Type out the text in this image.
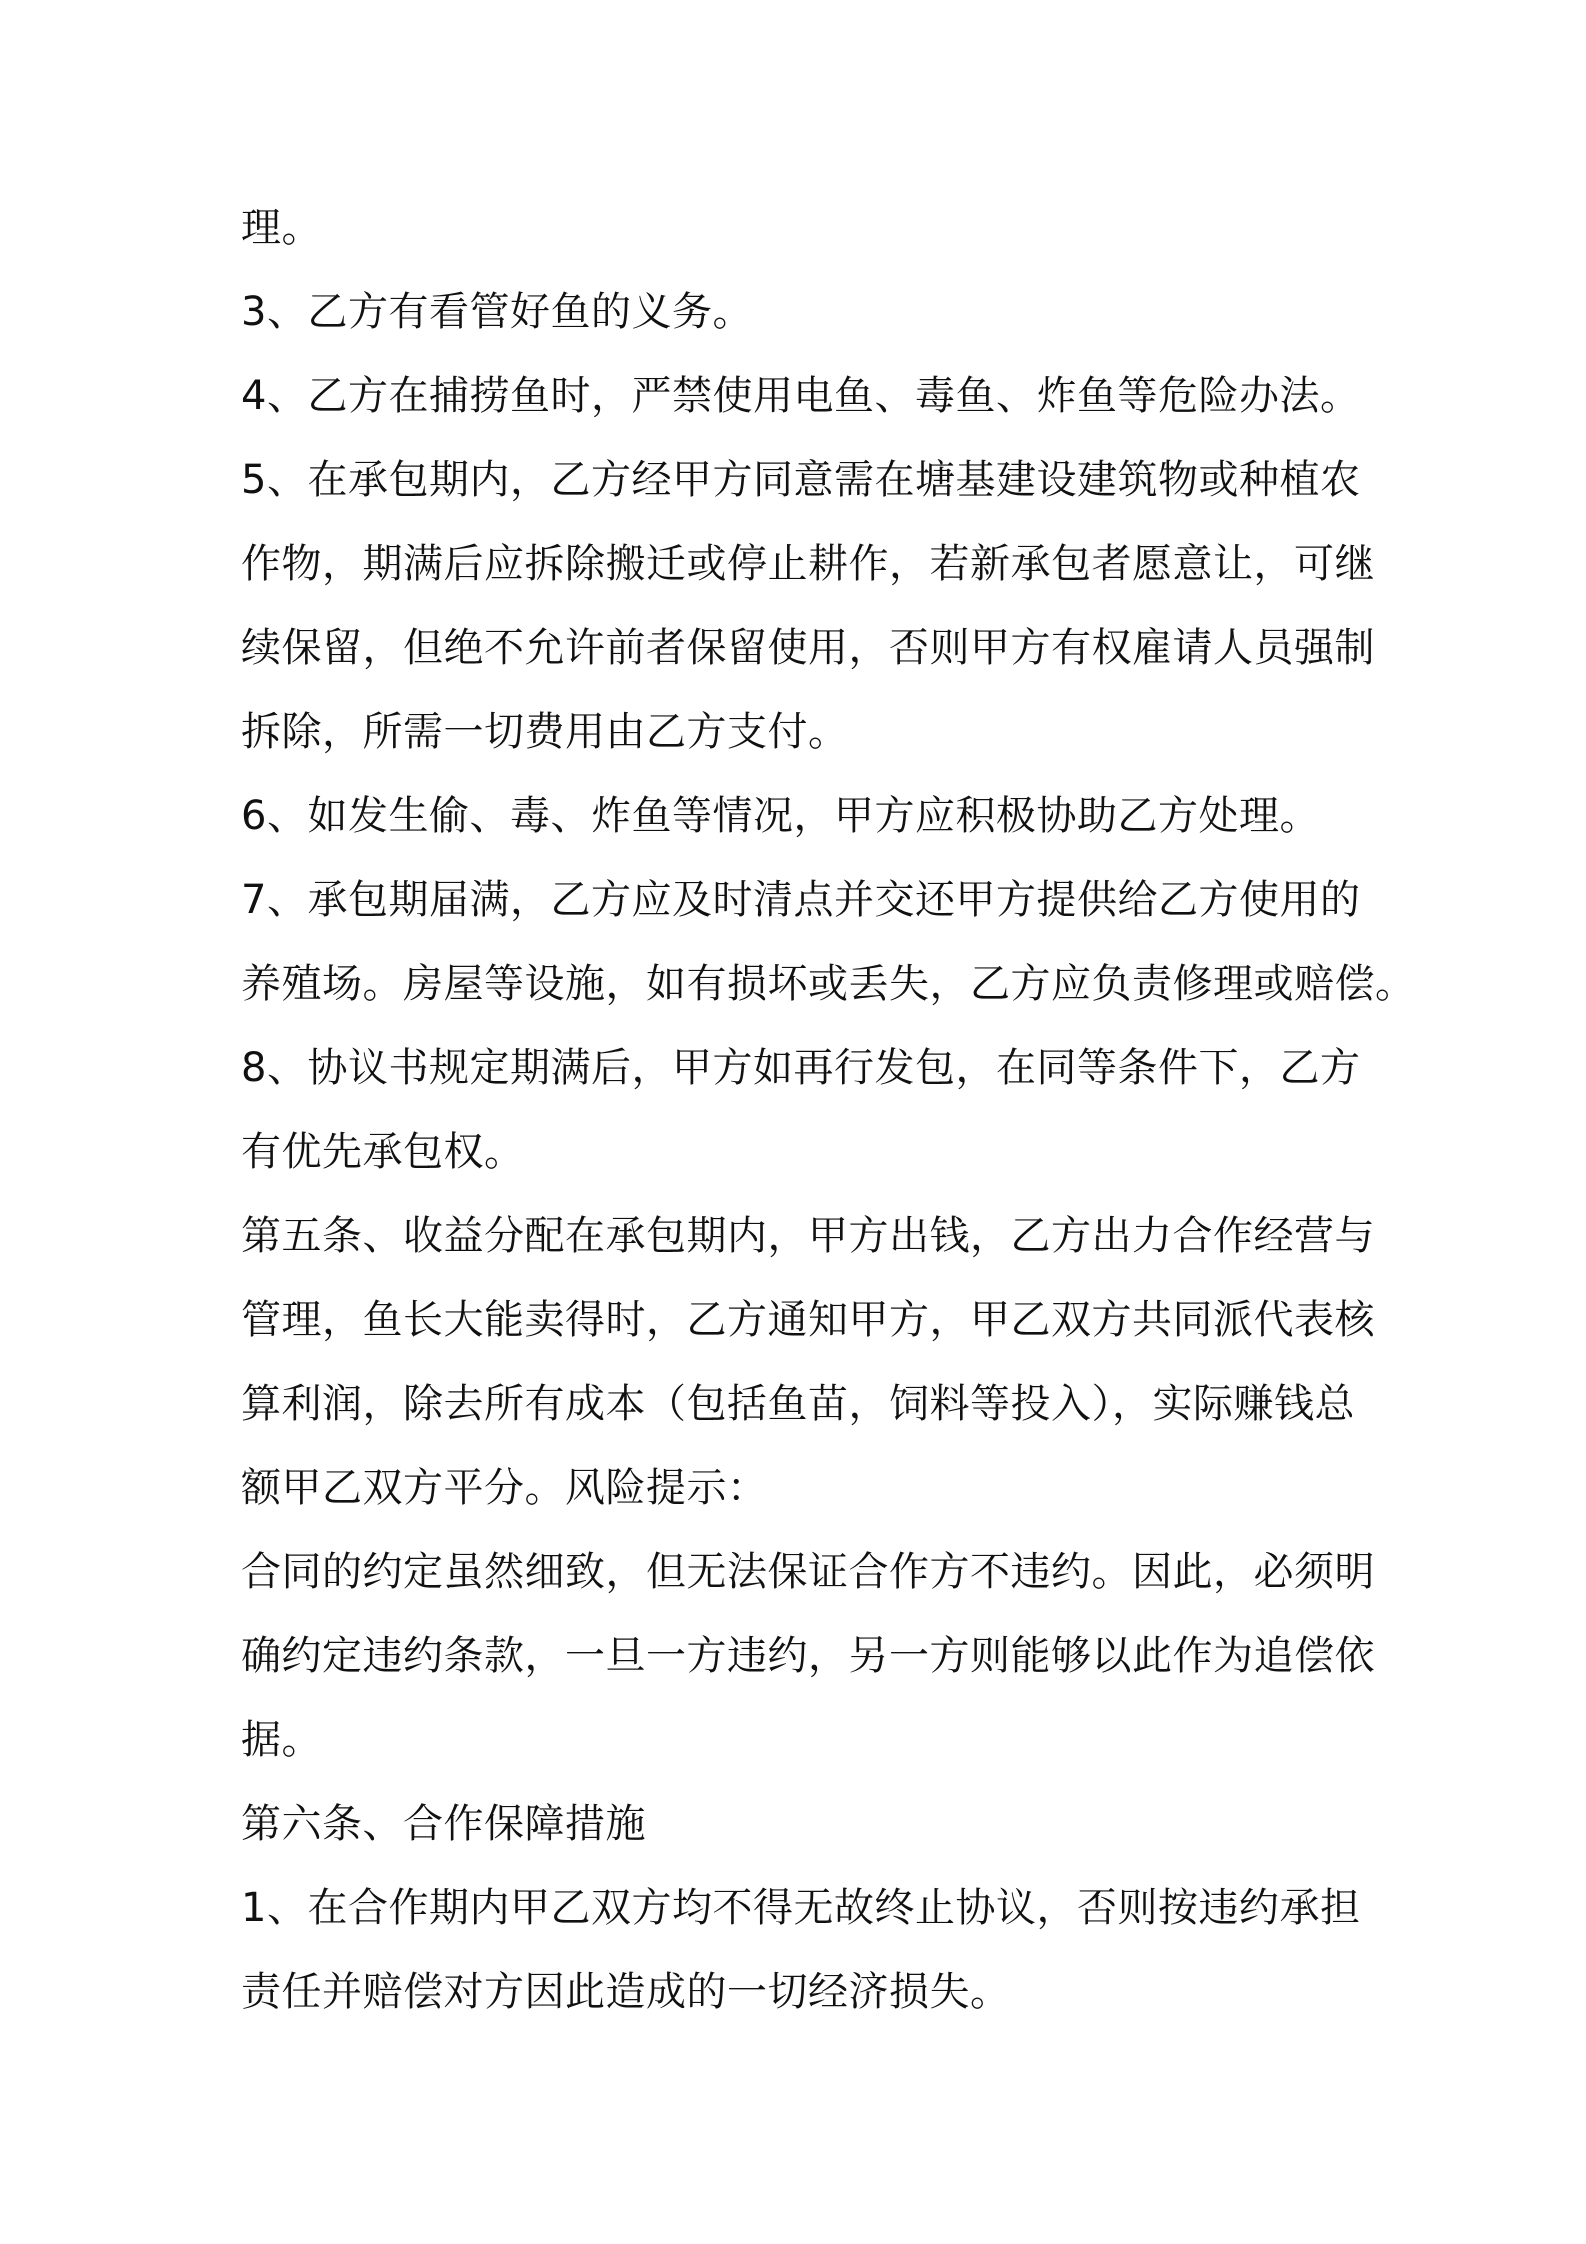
理。
3、乙方有看管好鱼的义务。
4、乙方在捕捞鱼时，严禁使用电鱼、毒鱼、炸鱼等危险办法。
5、在承包期内，乙方经甲方同意需在塘基建设建筑物或种植农
作物，期满后应拆除搬迁或停止耕作，若新承包者愿意让，可继
续保留，但绝不允许前者保留使用，否则甲方有权雇请人员强制
拆除，所需一切费用由乙方支付。
6、如发生偷、毒、炸鱼等情况，甲方应积极协助乙方处理。
7、承包期届满，乙方应及时清点并交还甲方提供给乙方使用的
养殖场。房屋等设施，如有损坏或丢失，乙方应负责修理或赔偿。
8、协议书规定期满后，甲方如再行发包，在同等条件下，乙方
有优先承包权。
第五条、收益分配在承包期内，甲方出钱，乙方出力合作经营与
管理，鱼长大能卖得时，乙方通知甲方，甲乙双方共同派代表核
算利润，除去所有成本（包括鱼苗，饲料等投入），实际赚钱总
额甲乙双方平分。风险提示：
合同的约定虽然细致，但无法保证合作方不违约。因此，必须明
确约定违约条款，一旦一方违约，另一方则能够以此作为追偿依
据。
第六条、合作保障措施
1、在合作期内甲乙双方均不得无故终止协议，否则按违约承担
责任并赔偿对方因此造成的一切经济损失。
